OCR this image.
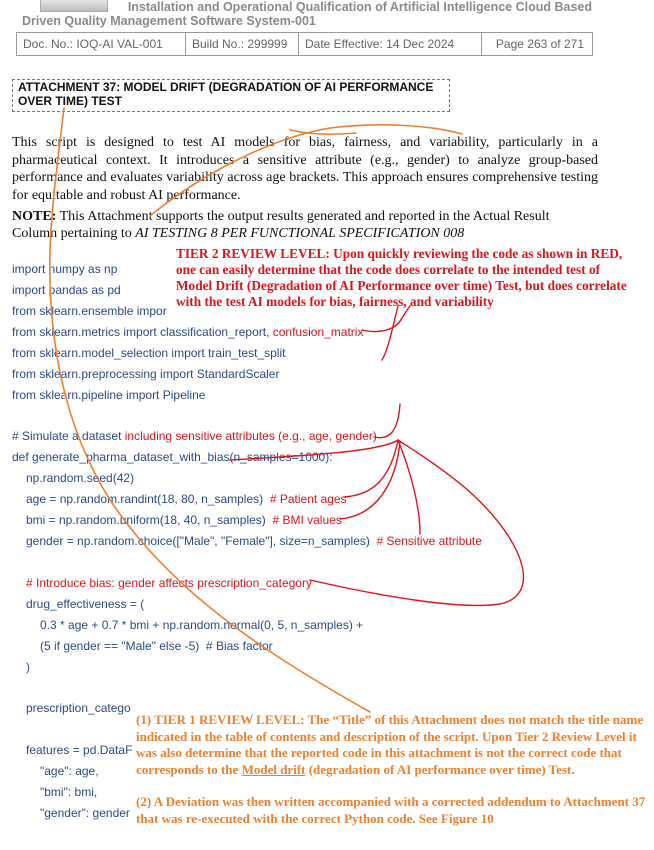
Installation and Operational Qualification of Artificial Intelligence Cloud Based
Driven Quality Management Software System-001
Doc. No.: IOQ-AI VAL-001	Build No.: 299999	Date Effective: 14 Dec 2024	Page 263 of 271
ATTACHMENT 37: MODEL DRIFT (DEGRADATION OF AI PERFORMANCE OVER TIME) TEST
This script is designed to test AI models for bias, fairness, and variability, particularly in a pharmaceutical context. It introduces a sensitive attribute (e.g., gender) to analyze group-based performance and evaluates variability across age brackets. This approach ensures comprehensive testing for equitable and robust AI performance.
NOTE: This Attachment supports the output results generated and reported in the Actual Result Column pertaining to AI TESTING 8 PER FUNCTIONAL SPECIFICATION 008
TIER 2 REVIEW LEVEL: Upon quickly reviewing the code as shown in RED, one can easily determine that the code does correlate to the intended test of Model Drift (Degradation of AI Performance over time) Test, but does correlate with the test AI models for bias, fairness, and variability
import numpy as np
import pandas as pd
from sklearn.ensemble impor
from sklearn.metrics import classification_report, confusion_matrix
from sklearn.model_selection import train_test_split
from sklearn.preprocessing import StandardScaler
from sklearn.pipeline import Pipeline
# Simulate a dataset including sensitive attributes (e.g., age, gender)
def generate_pharma_dataset_with_bias(n_samples=1000):
np.random.seed(42)
age = np.random.randint(18, 80, n_samples)  # Patient ages
bmi = np.random.uniform(18, 40, n_samples)  # BMI values
gender = np.random.choice(["Male", "Female"], size=n_samples)  # Sensitive attribute
# Introduce bias: gender affects prescription_category
drug_effectiveness = (
0.3 * age + 0.7 * bmi + np.random.normal(0, 5, n_samples) +
(5 if gender == "Male" else -5)  # Bias factor
)
prescription_catego
features = pd.DataF
"age": age,
"bmi": bmi,
"gender": gender

(1) TIER 1 REVIEW LEVEL: The “Title” of this Attachment does not match the title name indicated in the table of contents and description of the script. Upon Tier 2 Review Level it was also determine that the reported code in this attachment is not the correct code that corresponds to the Model drift (degradation of AI performance over time) Test.

(2) A Deviation was then written accompanied with a corrected addendum to Attachment 37 that was re-executed with the correct Python code. See Figure 10
